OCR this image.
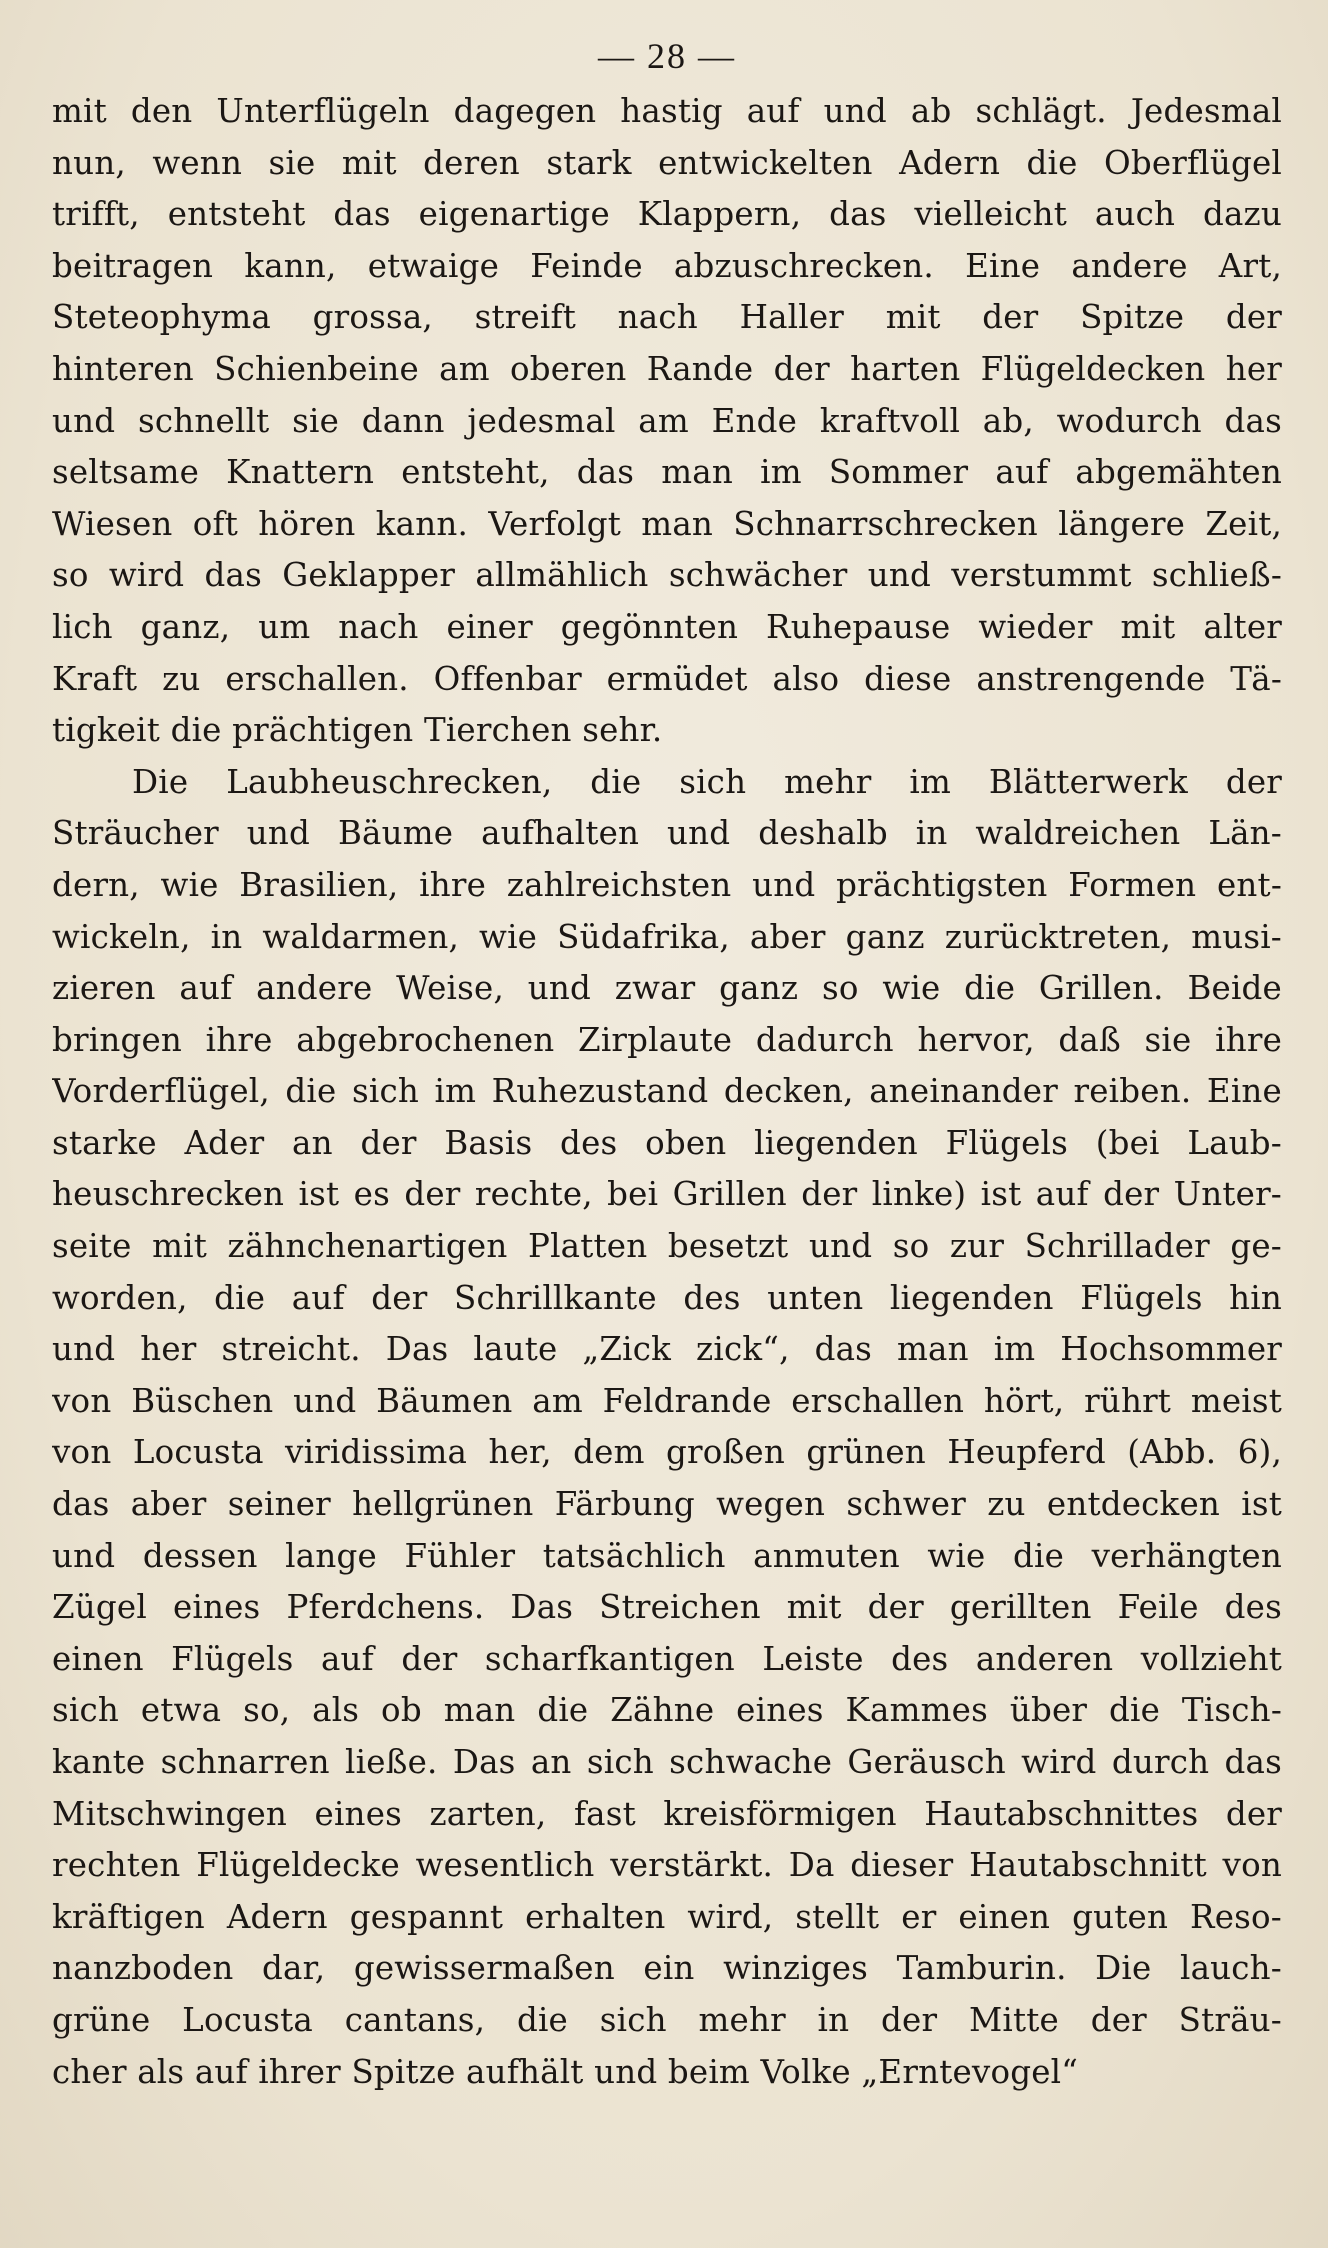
— 28 —
mit den Unterflügeln dagegen hastig auf und ab schlägt. Jedesmal
nun, wenn sie mit deren stark entwickelten Adern die Oberflügel
trifft, entsteht das eigenartige Klappern, das vielleicht auch dazu
beitragen kann, etwaige Feinde abzuschrecken. Eine andere Art,
Steteophyma grossa, streift nach Haller mit der Spitze der
hinteren Schienbeine am oberen Rande der harten Flügeldecken her
und schnellt sie dann jedesmal am Ende kraftvoll ab, wodurch das
seltsame Knattern entsteht, das man im Sommer auf abgemähten
Wiesen oft hören kann. Verfolgt man Schnarrschrecken längere Zeit,
so wird das Geklapper allmählich schwächer und verstummt schließ-
lich ganz, um nach einer gegönnten Ruhepause wieder mit alter
Kraft zu erschallen. Offenbar ermüdet also diese anstrengende Tä-
tigkeit die prächtigen Tierchen sehr.
Die Laubheuschrecken, die sich mehr im Blätterwerk der
Sträucher und Bäume aufhalten und deshalb in waldreichen Län-
dern, wie Brasilien, ihre zahlreichsten und prächtigsten Formen ent-
wickeln, in waldarmen, wie Südafrika, aber ganz zurücktreten, musi-
zieren auf andere Weise, und zwar ganz so wie die Grillen. Beide
bringen ihre abgebrochenen Zirplaute dadurch hervor, daß sie ihre
Vorderflügel, die sich im Ruhezustand decken, aneinander reiben. Eine
starke Ader an der Basis des oben liegenden Flügels (bei Laub-
heuschrecken ist es der rechte, bei Grillen der linke) ist auf der Unter-
seite mit zähnchenartigen Platten besetzt und so zur Schrillader ge-
worden, die auf der Schrillkante des unten liegenden Flügels hin
und her streicht. Das laute „Zick zick“, das man im Hochsommer
von Büschen und Bäumen am Feldrande erschallen hört, rührt meist
von Locusta viridissima her, dem großen grünen Heupferd (Abb. 6),
das aber seiner hellgrünen Färbung wegen schwer zu entdecken ist
und dessen lange Fühler tatsächlich anmuten wie die verhängten
Zügel eines Pferdchens. Das Streichen mit der gerillten Feile des
einen Flügels auf der scharfkantigen Leiste des anderen vollzieht
sich etwa so, als ob man die Zähne eines Kammes über die Tisch-
kante schnarren ließe. Das an sich schwache Geräusch wird durch das
Mitschwingen eines zarten, fast kreisförmigen Hautabschnittes der
rechten Flügeldecke wesentlich verstärkt. Da dieser Hautabschnitt von
kräftigen Adern gespannt erhalten wird, stellt er einen guten Reso-
nanzboden dar, gewissermaßen ein winziges Tamburin. Die lauch-
grüne Locusta cantans, die sich mehr in der Mitte der Sträu-
cher als auf ihrer Spitze aufhält und beim Volke „Erntevogel“
